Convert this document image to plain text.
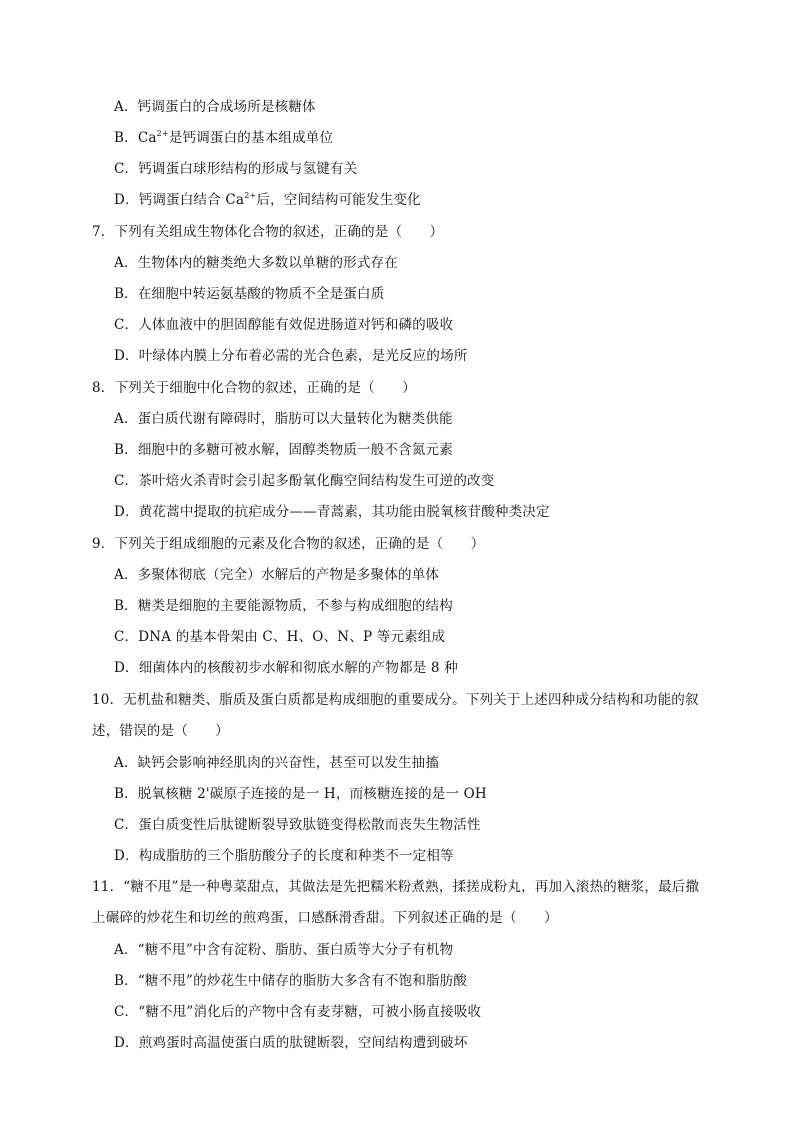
A．钙调蛋白的合成场所是核糖体
B．$Ca^{2+}$是钙调蛋白的基本组成单位
C．钙调蛋白球形结构的形成与氢键有关
D．钙调蛋白结合 $Ca^{2+}$后，空间结构可能发生变化
7．下列有关组成生物体化合物的叙述，正确的是（　　）
A．生物体内的糖类绝大多数以单糖的形式存在
B．在细胞中转运氨基酸的物质不全是蛋白质
C．人体血液中的胆固醇能有效促进肠道对钙和磷的吸收
D．叶绿体内膜上分布着必需的光合色素，是光反应的场所
8．下列关于细胞中化合物的叙述，正确的是（　　）
A．蛋白质代谢有障碍时，脂肪可以大量转化为糖类供能
B．细胞中的多糖可被水解，固醇类物质一般不含氮元素
C．茶叶焙火杀青时会引起多酚氧化酶空间结构发生可逆的改变
D．黄花蒿中提取的抗疟成分——青蒿素，其功能由脱氧核苷酸种类决定
9．下列关于组成细胞的元素及化合物的叙述，正确的是（　　）
A．多聚体彻底（完全）水解后的产物是多聚体的单体
B．糖类是细胞的主要能源物质，不参与构成细胞的结构
C．DNA 的基本骨架由 C、H、O、N、P 等元素组成
D．细菌体内的核酸初步水解和彻底水解的产物都是 8 种
10．无机盐和糖类、脂质及蛋白质都是构成细胞的重要成分。下列关于上述四种成分结构和功能的叙
述，错误的是（　　）
A．缺钙会影响神经肌肉的兴奋性，甚至可以发生抽搐
B．脱氧核糖 2'碳原子连接的是一 H，而核糖连接的是一 OH
C．蛋白质变性后肽键断裂导致肽链变得松散而丧失生物活性
D．构成脂肪的三个脂肪酸分子的长度和种类不一定相等
11．“糖不甩”是一种粤菜甜点，其做法是先把糯米粉煮熟，揉搓成粉丸，再加入滚热的糖浆，最后撒
上碾碎的炒花生和切丝的煎鸡蛋，口感酥滑香甜。下列叙述正确的是（　　）
A．“糖不甩”中含有淀粉、脂肪、蛋白质等大分子有机物
B．“糖不甩”的炒花生中储存的脂肪大多含有不饱和脂肪酸
C．“糖不甩”消化后的产物中含有麦芽糖，可被小肠直接吸收
D．煎鸡蛋时高温使蛋白质的肽键断裂，空间结构遭到破坏
